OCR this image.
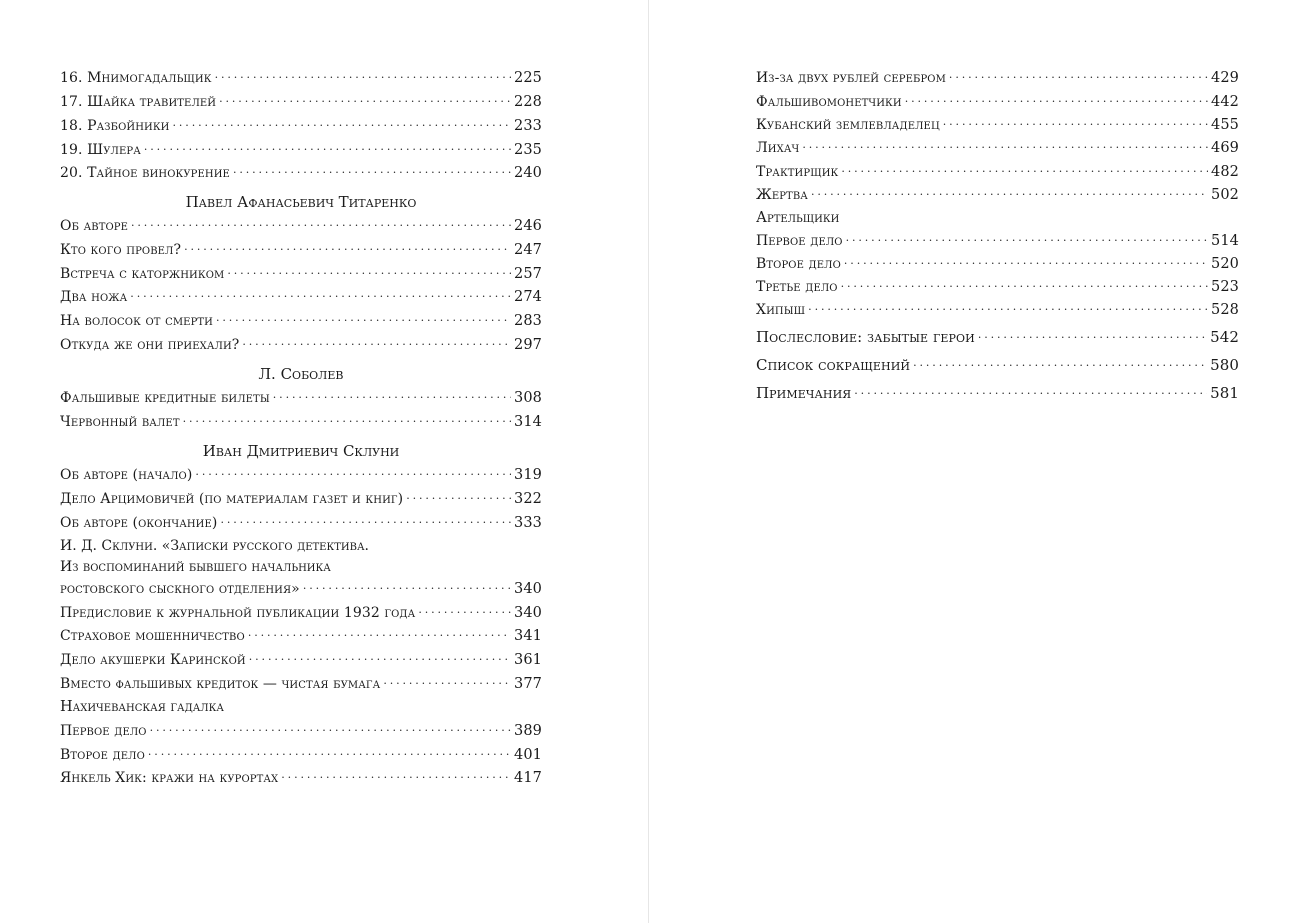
16. Мнимогадальщик . . .	225
17. Шайка травителей . . .	228
18. Разбойники . . .	233
19. Шулера . . .	235
20. Тайное винокурение . . .	240
Павел Афанасьевич Титаренко
Об авторе . . .	246
Кто кого провел? . . .	247
Встреча с каторжником . . .	257
Два ножа . . .	274
На волосок от смерти . . .	283
Откуда же они приехали? . . .	297
Л. Соболев
Фальшивые кредитные билеты . . .	308
Червонный валет . . .	314
Иван Дмитриевич Склуни
Об авторе (начало) . . .	319
Дело Арцимовичей (по материалам газет и книг) . . .	322
Об авторе (окончание) . . .	333
И. Д. Склуни. «Записки русского детектива.
Из воспоминаний бывшего начальника
ростовского сыскного отделения» . . .	340
Предисловие к журнальной публикации 1932 года . . .	340
Страховое мошенничество . . .	341
Дело акушерки Каринской . . .	361
Вместо фальшивых кредиток — чистая бумага . . .	377
Нахичеванская гадалка
Первое дело . . .	389
Второе дело . . .	401
Янкель Хик: кражи на курортах . . .	417
Из-за двух рублей серебром . . .	429
Фальшивомонетчики . . .	442
Кубанский землевладелец . . .	455
Лихач . . .	469
Трактирщик . . .	482
Жертва . . .	502
Артельщики
Первое дело . . .	514
Второе дело . . .	520
Третье дело . . .	523
Хипыш . . .	528
Послесловие: забытые герои . . .	542
Список сокращений . . .	580
Примечания . . .	581
